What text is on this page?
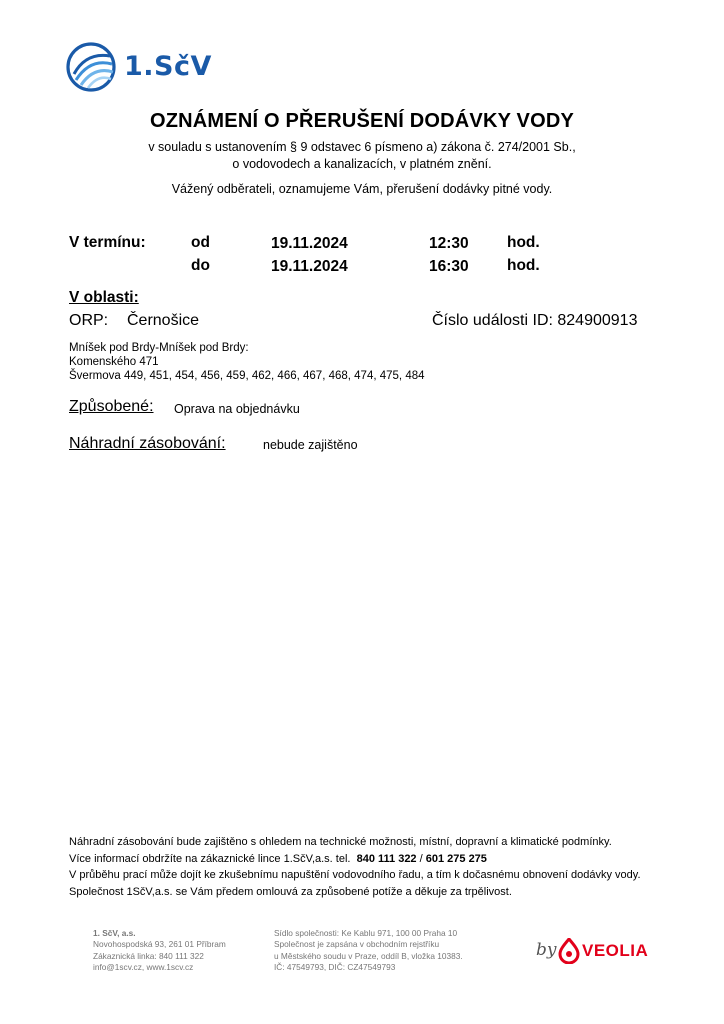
1.SčV
OZNÁMENÍ O PŘERUŠENÍ DODÁVKY VODY
v souladu s ustanovením § 9 odstavec 6 písmeno a) zákona č. 274/2001 Sb.,
o vodovodech a kanalizacích, v platném znění.
Vážený odběrateli, oznamujeme Vám, přerušení dodávky pitné vody.
V termínu:	od	19.11.2024	12:30 hod.
do	19.11.2024	16:30 hod.
V oblasti:
ORP: Černošice	Číslo události ID: 824900913
Mníšek pod Brdy-Mníšek pod Brdy:
Komenského 471
Švermova 449, 451, 454, 456, 459, 462, 466, 467, 468, 474, 475, 484
Způsobené: Oprava na objednávku
Náhradní zásobování:	nebude zajištěno
Náhradní zásobování bude zajištěno s ohledem na technické možnosti, místní, dopravní a klimatické podmínky.
Více informací obdržíte na zákaznické lince 1.SčV,a.s. tel. 840 111 322 / 601 275 275
V průběhu prací může dojít ke zkušebnímu napuštění vodovodního řadu, a tím k dočasnému obnovení dodávky vody.
Společnost 1SčV,a.s. se Vám předem omlouvá za způsobené potíže a děkuje za trpělivost.
1. SčV, a.s.
Novohospodská 93, 261 01 Příbram
Zákaznická linka: 840 111 322
info@1scv.cz, www.1scv.cz
Sídlo společnosti: Ke Kablu 971, 100 00 Praha 10
Společnost je zapsána v obchodním rejstříku
u Městského soudu v Praze, oddíl B, vložka 10383.
IČ: 47549793, DIČ: CZ47549793
by VEOLIA
